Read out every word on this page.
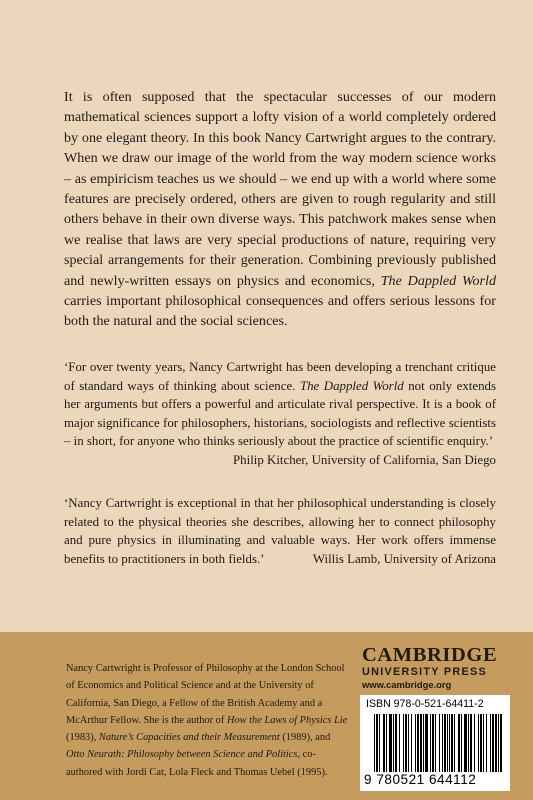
It is often supposed that the spectacular successes of our modern mathematical sciences support a lofty vision of a world completely ordered by one elegant theory. In this book Nancy Cartwright argues to the contrary. When we draw our image of the world from the way modern science works – as empiricism teaches us we should – we end up with a world where some features are precisely ordered, others are given to rough regularity and still others behave in their own diverse ways. This patchwork makes sense when we realise that laws are very special productions of nature, requiring very special arrangements for their generation. Combining previously published and newly-written essays on physics and economics, The Dappled World carries important philosophical consequences and offers serious lessons for both the natural and the social sciences.
‘For over twenty years, Nancy Cartwright has been developing a trenchant critique of standard ways of thinking about science. The Dappled World not only extends her arguments but offers a powerful and articulate rival perspective. It is a book of major significance for philosophers, historians, sociologists and reflective scientists – in short, for anyone who thinks seriously about the practice of scientific enquiry.’
Philip Kitcher, University of California, San Diego
‘Nancy Cartwright is exceptional in that her philosophical understanding is closely related to the physical theories she describes, allowing her to connect philosophy and pure physics in illuminating and valuable ways. Her work offers immense benefits to practitioners in both fields.’	Willis Lamb, University of Arizona
Nancy Cartwright is Professor of Philosophy at the London School of Economics and Political Science and at the University of California, San Diego, a Fellow of the British Academy and a McArthur Fellow. She is the author of How the Laws of Physics Lie (1983), Nature’s Capacities and their Measurement (1989), and Otto Neurath: Philosophy between Science and Politics, co-authored with Jordi Cat, Lola Fleck and Thomas Uebel (1995).
CAMBRIDGE
UNIVERSITY PRESS
www.cambridge.org
ISBN 978-0-521-64411-2
9 780521 644112
